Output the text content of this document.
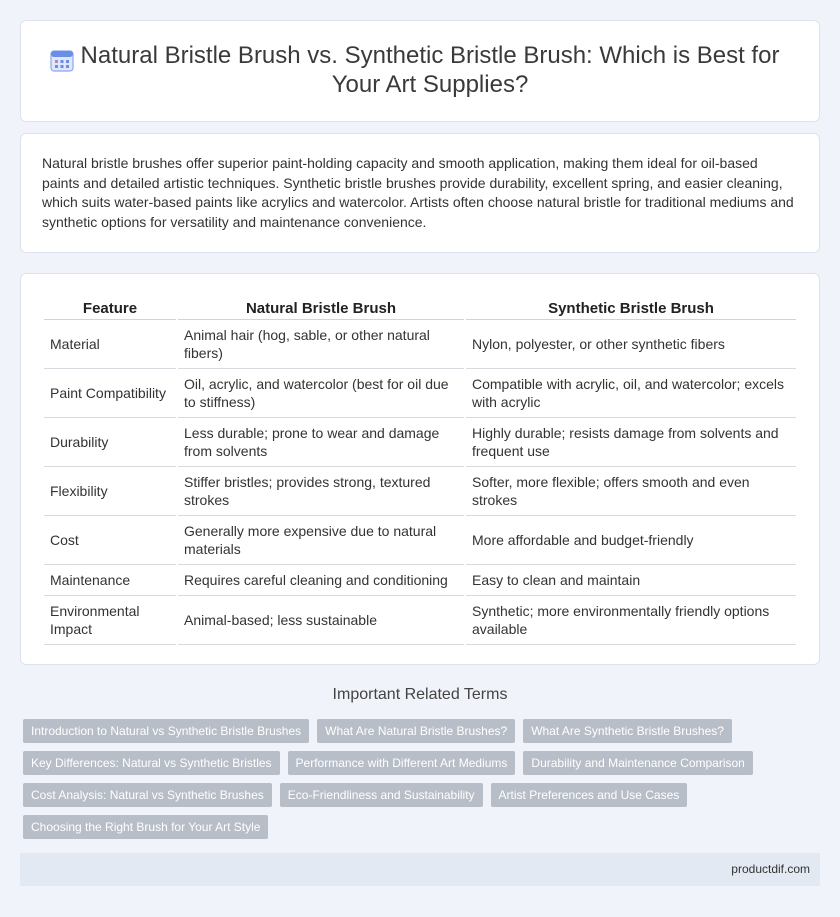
Natural Bristle Brush vs. Synthetic Bristle Brush: Which is Best for Your Art Supplies?

Natural bristle brushes offer superior paint-holding capacity and smooth application, making them ideal for oil-based paints and detailed artistic techniques. Synthetic bristle brushes provide durability, excellent spring, and easier cleaning, which suits water-based paints like acrylics and watercolor. Artists often choose natural bristle for traditional mediums and synthetic options for versatility and maintenance convenience.

Feature	Natural Bristle Brush	Synthetic Bristle Brush
Material	Animal hair (hog, sable, or other natural fibers)	Nylon, polyester, or other synthetic fibers
Paint Compatibility	Oil, acrylic, and watercolor (best for oil due to stiffness)	Compatible with acrylic, oil, and watercolor; excels with acrylic
Durability	Less durable; prone to wear and damage from solvents	Highly durable; resists damage from solvents and frequent use
Flexibility	Stiffer bristles; provides strong, textured strokes	Softer, more flexible; offers smooth and even strokes
Cost	Generally more expensive due to natural materials	More affordable and budget-friendly
Maintenance	Requires careful cleaning and conditioning	Easy to clean and maintain
Environmental Impact	Animal-based; less sustainable	Synthetic; more environmentally friendly options available
Important Related Terms
Introduction to Natural vs Synthetic Bristle Brushes	What Are Natural Bristle Brushes?	What Are Synthetic Bristle Brushes?
Key Differences: Natural vs Synthetic Bristles	Performance with Different Art Mediums	Durability and Maintenance Comparison
Cost Analysis: Natural vs Synthetic Brushes	Eco-Friendliness and Sustainability	Artist Preferences and Use Cases
Choosing the Right Brush for Your Art Style
productdif.com
